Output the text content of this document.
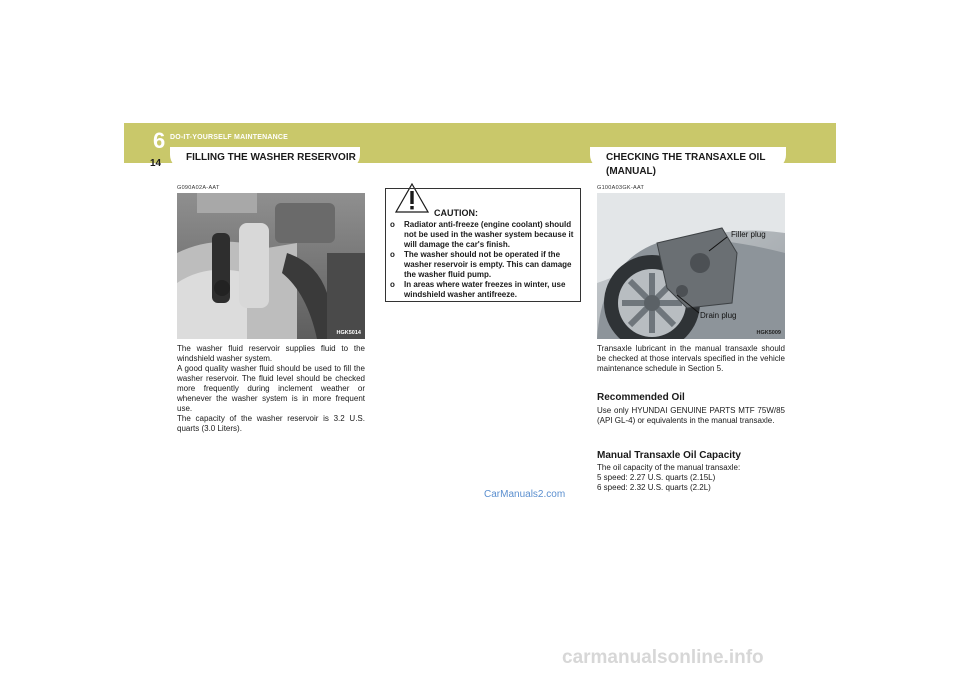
6 DO-IT-YOURSELF MAINTENANCE
14
FILLING THE WASHER RESERVOIR	CHECKING THE TRANSAXLE OIL
(MANUAL)
G090A02A-AAT
HGK5014
The washer fluid reservoir supplies fluid to the windshield washer system.
A good quality washer fluid should be used to fill the washer reservoir. The fluid level should be checked more frequently during inclement weather or whenever the washer system is in more frequent use.
The capacity of the washer reservoir is 3.2 U.S. quarts (3.0 Liters).
CAUTION:
o Radiator anti-freeze (engine coolant) should not be used in the washer system because it will damage the car's finish.
o The washer should not be operated if the washer reservoir is empty. This can damage the washer fluid pump.
o In areas where water freezes in winter, use windshield washer antifreeze.
G100A03GK-AAT
Filler plug
Drain plug
HGK5009
Transaxle lubricant in the manual transaxle should be checked at those intervals specified in the vehicle maintenance schedule in Section 5.
Recommended Oil
Use only HYUNDAI GENUINE PARTS MTF 75W/85 (API GL-4) or equivalents in the manual transaxle.
Manual Transaxle Oil Capacity
The oil capacity of the manual transaxle:
5 speed: 2.27 U.S. quarts (2.15L)
6 speed: 2.32 U.S. quarts (2.2L)
CarManuals2.com
carmanualsonline.info
